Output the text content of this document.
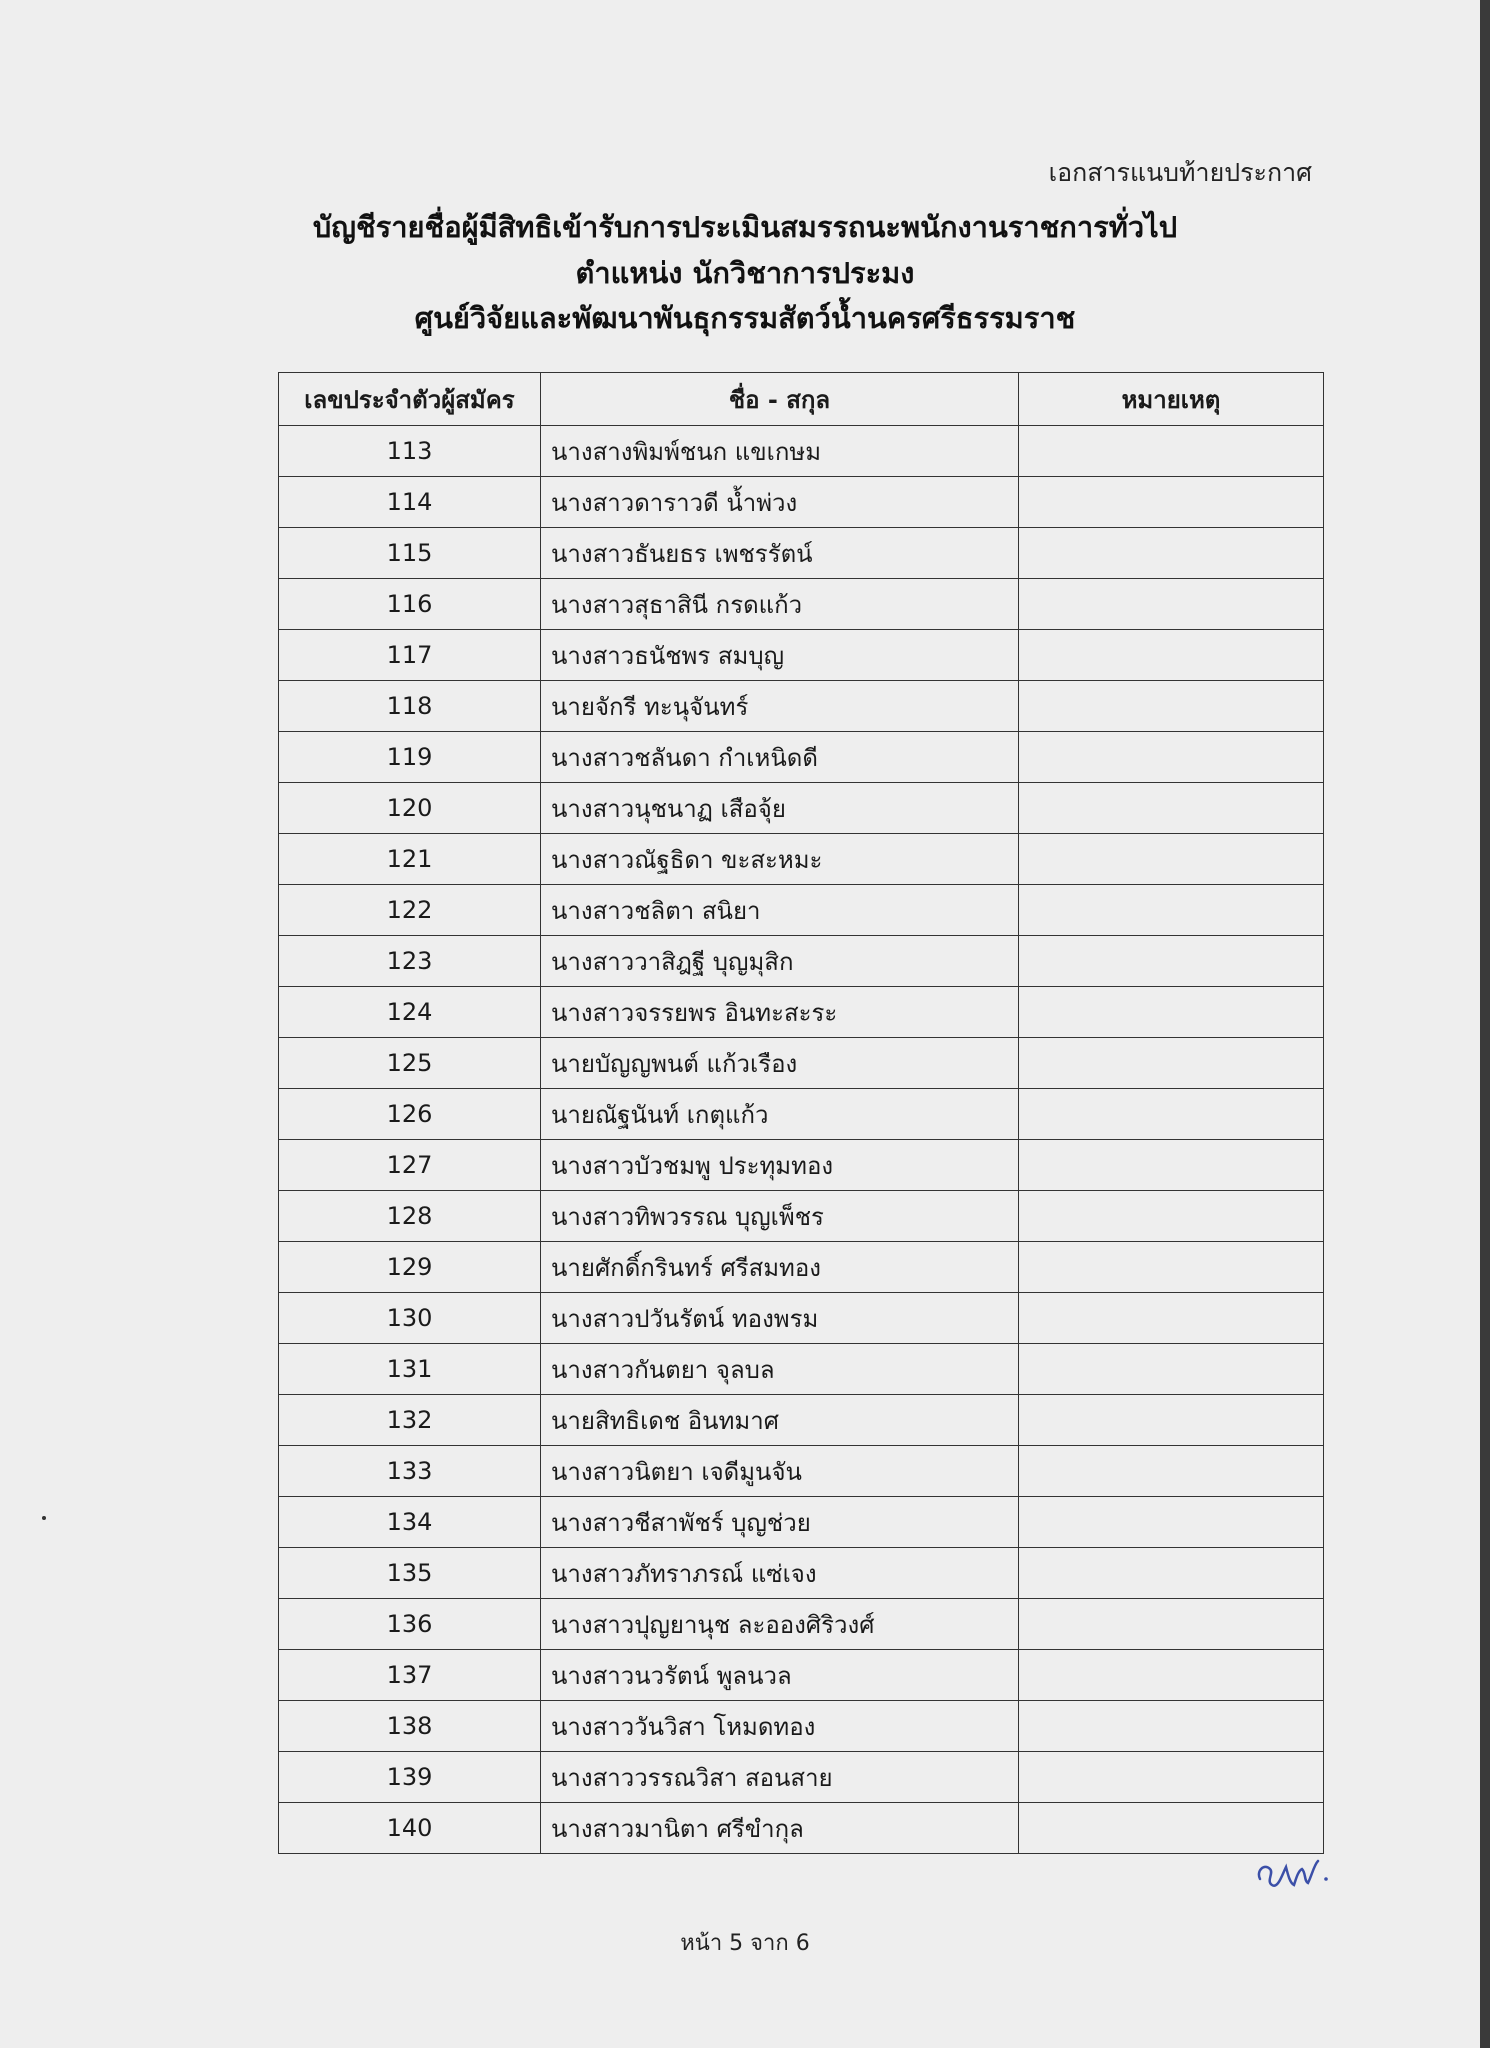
เอกสารแนบท้ายประกาศ
บัญชีรายชื่อผู้มีสิทธิเข้ารับการประเมินสมรรถนะพนักงานราชการทั่วไป
ตำแหน่ง นักวิชาการประมง
ศูนย์วิจัยและพัฒนาพันธุกรรมสัตว์น้ำนครศรีธรรมราช
เลขประจำตัวผู้สมัคร	ชื่อ - สกุล	หมายเหตุ
113	นางสางพิมพ์ชนก แขเกษม	
114	นางสาวดาราวดี น้ำพ่วง	
115	นางสาวธันยธร เพชรรัตน์	
116	นางสาวสุธาสินี กรดแก้ว	
117	นางสาวธนัชพร สมบุญ	
118	นายจักรี ทะนุจันทร์	
119	นางสาวชลันดา กำเหนิดดี	
120	นางสาวนุชนาฏ เสือจุ้ย	
121	นางสาวณัฐธิดา ขะสะหมะ	
122	นางสาวชลิตา สนิยา	
123	นางสาววาสิฎฐี บุญมุสิก	
124	นางสาวจรรยพร อินทะสะระ	
125	นายบัญญพนต์ แก้วเรือง	
126	นายณัฐนันท์ เกตุแก้ว	
127	นางสาวบัวชมพู ประทุมทอง	
128	นางสาวทิพวรรณ บุญเพ็ชร	
129	นายศักดิ์กรินทร์ ศรีสมทอง	
130	นางสาวปวันรัตน์ ทองพรม	
131	นางสาวกันตยา จุลบล	
132	นายสิทธิเดช อินทมาศ	
133	นางสาวนิตยา เจดีมูนจัน	
134	นางสาวชีสาพัชร์ บุญช่วย	
135	นางสาวภัทราภรณ์ แซ่เจง	
136	นางสาวปุญยานุช ละอองศิริวงศ์	
137	นางสาวนวรัตน์ พูลนวล	
138	นางสาววันวิสา โหมดทอง	
139	นางสาววรรณวิสา สอนสาย	
140	นางสาวมานิตา ศรีขำกุล	
หน้า 5 จาก 6
